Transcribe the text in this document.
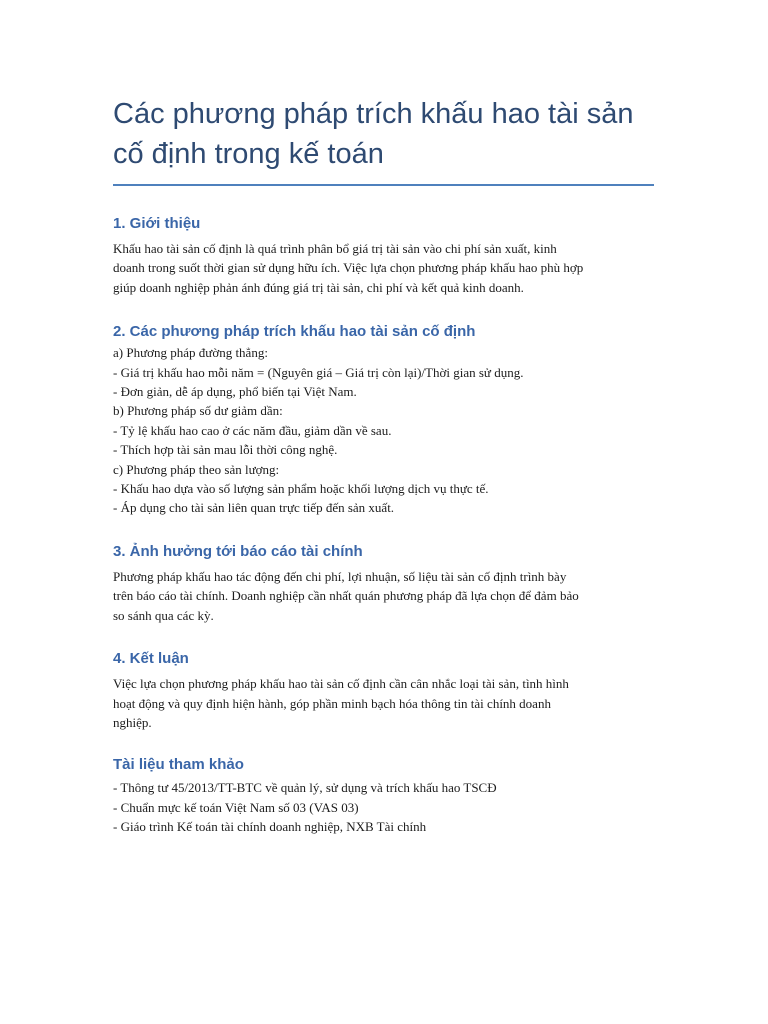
Các phương pháp trích khấu hao tài sản
cố định trong kế toán
1. Giới thiệu

Khấu hao tài sản cố định là quá trình phân bổ giá trị tài sản vào chi phí sản xuất, kinh
doanh trong suốt thời gian sử dụng hữu ích. Việc lựa chọn phương pháp khấu hao phù hợp
giúp doanh nghiệp phản ánh đúng giá trị tài sản, chi phí và kết quả kinh doanh.

2. Các phương pháp trích khấu hao tài sản cố định

a) Phương pháp đường thẳng:
- Giá trị khấu hao mỗi năm = (Nguyên giá – Giá trị còn lại)/Thời gian sử dụng.
- Đơn giản, dễ áp dụng, phổ biến tại Việt Nam.
b) Phương pháp số dư giảm dần:
- Tỷ lệ khấu hao cao ở các năm đầu, giảm dần về sau.
- Thích hợp tài sản mau lỗi thời công nghệ.
c) Phương pháp theo sản lượng:
- Khấu hao dựa vào số lượng sản phẩm hoặc khối lượng dịch vụ thực tế.
- Áp dụng cho tài sản liên quan trực tiếp đến sản xuất.

3. Ảnh hưởng tới báo cáo tài chính

Phương pháp khấu hao tác động đến chi phí, lợi nhuận, số liệu tài sản cố định trình bày
trên báo cáo tài chính. Doanh nghiệp cần nhất quán phương pháp đã lựa chọn để đảm bảo
so sánh qua các kỳ.

4. Kết luận

Việc lựa chọn phương pháp khấu hao tài sản cố định cần cân nhắc loại tài sản, tình hình
hoạt động và quy định hiện hành, góp phần minh bạch hóa thông tin tài chính doanh
nghiệp.

Tài liệu tham khảo

- Thông tư 45/2013/TT-BTC về quản lý, sử dụng và trích khấu hao TSCĐ
- Chuẩn mực kế toán Việt Nam số 03 (VAS 03)
- Giáo trình Kế toán tài chính doanh nghiệp, NXB Tài chính
